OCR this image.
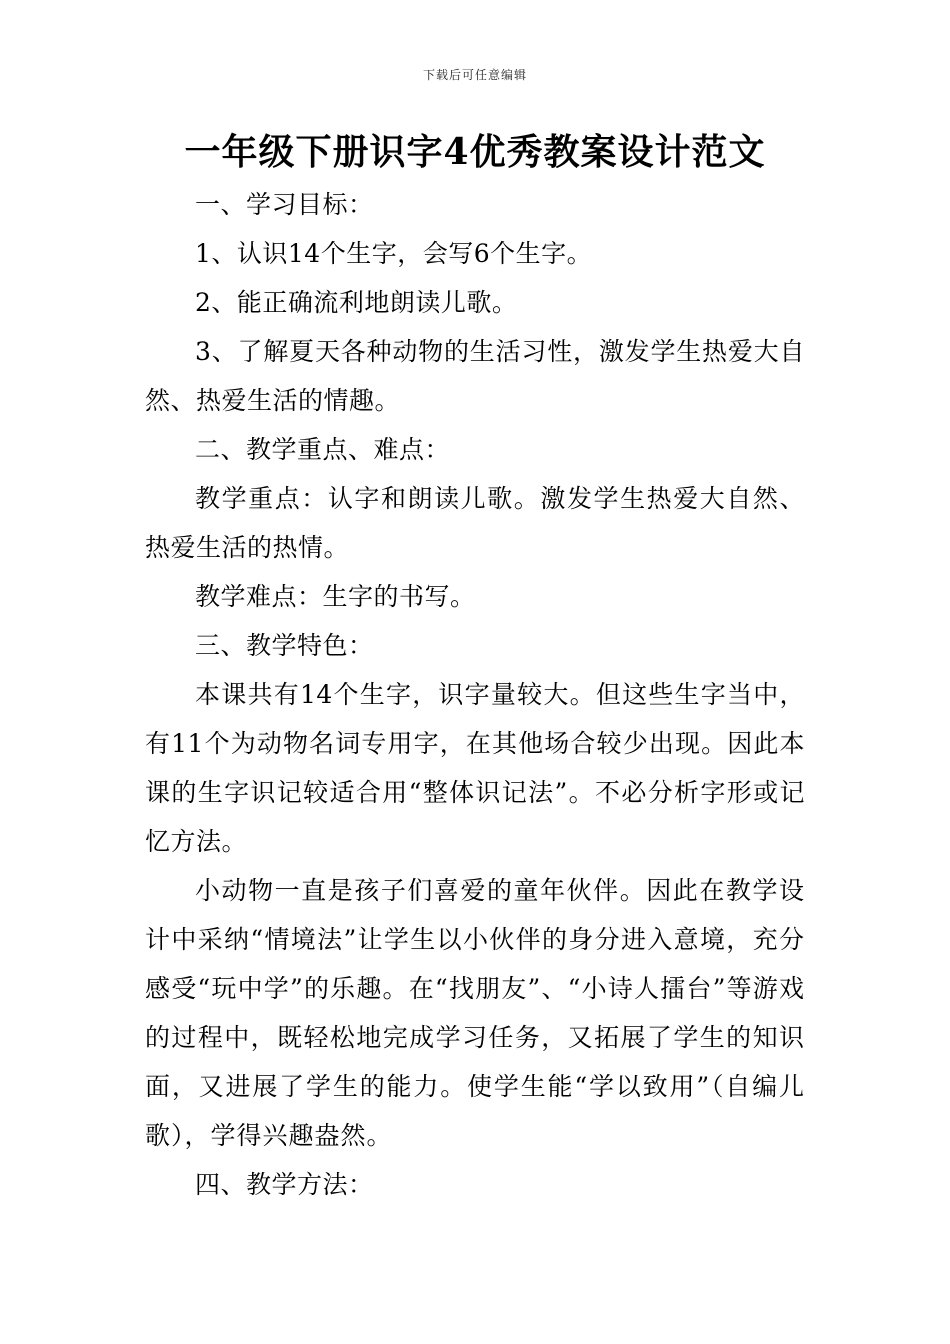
下载后可任意编辑
一年级下册识字4优秀教案设计范文

一、学习目标：

1、认识14个生字，会写6个生字。

2、能正确流利地朗读儿歌。

3、了解夏天各种动物的生活习性，激发学生热爱大自然、热爱生活的情趣。

二、教学重点、难点：

教学重点：认字和朗读儿歌。激发学生热爱大自然、热爱生活的热情。

教学难点：生字的书写。

三、教学特色：

本课共有14个生字，识字量较大。但这些生字当中，有11个为动物名词专用字，在其他场合较少出现。因此本课的生字识记较适合用“整体识记法”。不必分析字形或记忆方法。

小动物一直是孩子们喜爱的童年伙伴。因此在教学设计中采纳“情境法”让学生以小伙伴的身分进入意境，充分感受“玩中学”的乐趣。在“找朋友”、“小诗人擂台”等游戏的过程中，既轻松地完成学习任务，又拓展了学生的知识面，又进展了学生的能力。使学生能“学以致用”（自编儿歌），学得兴趣盎然。

四、教学方法：
